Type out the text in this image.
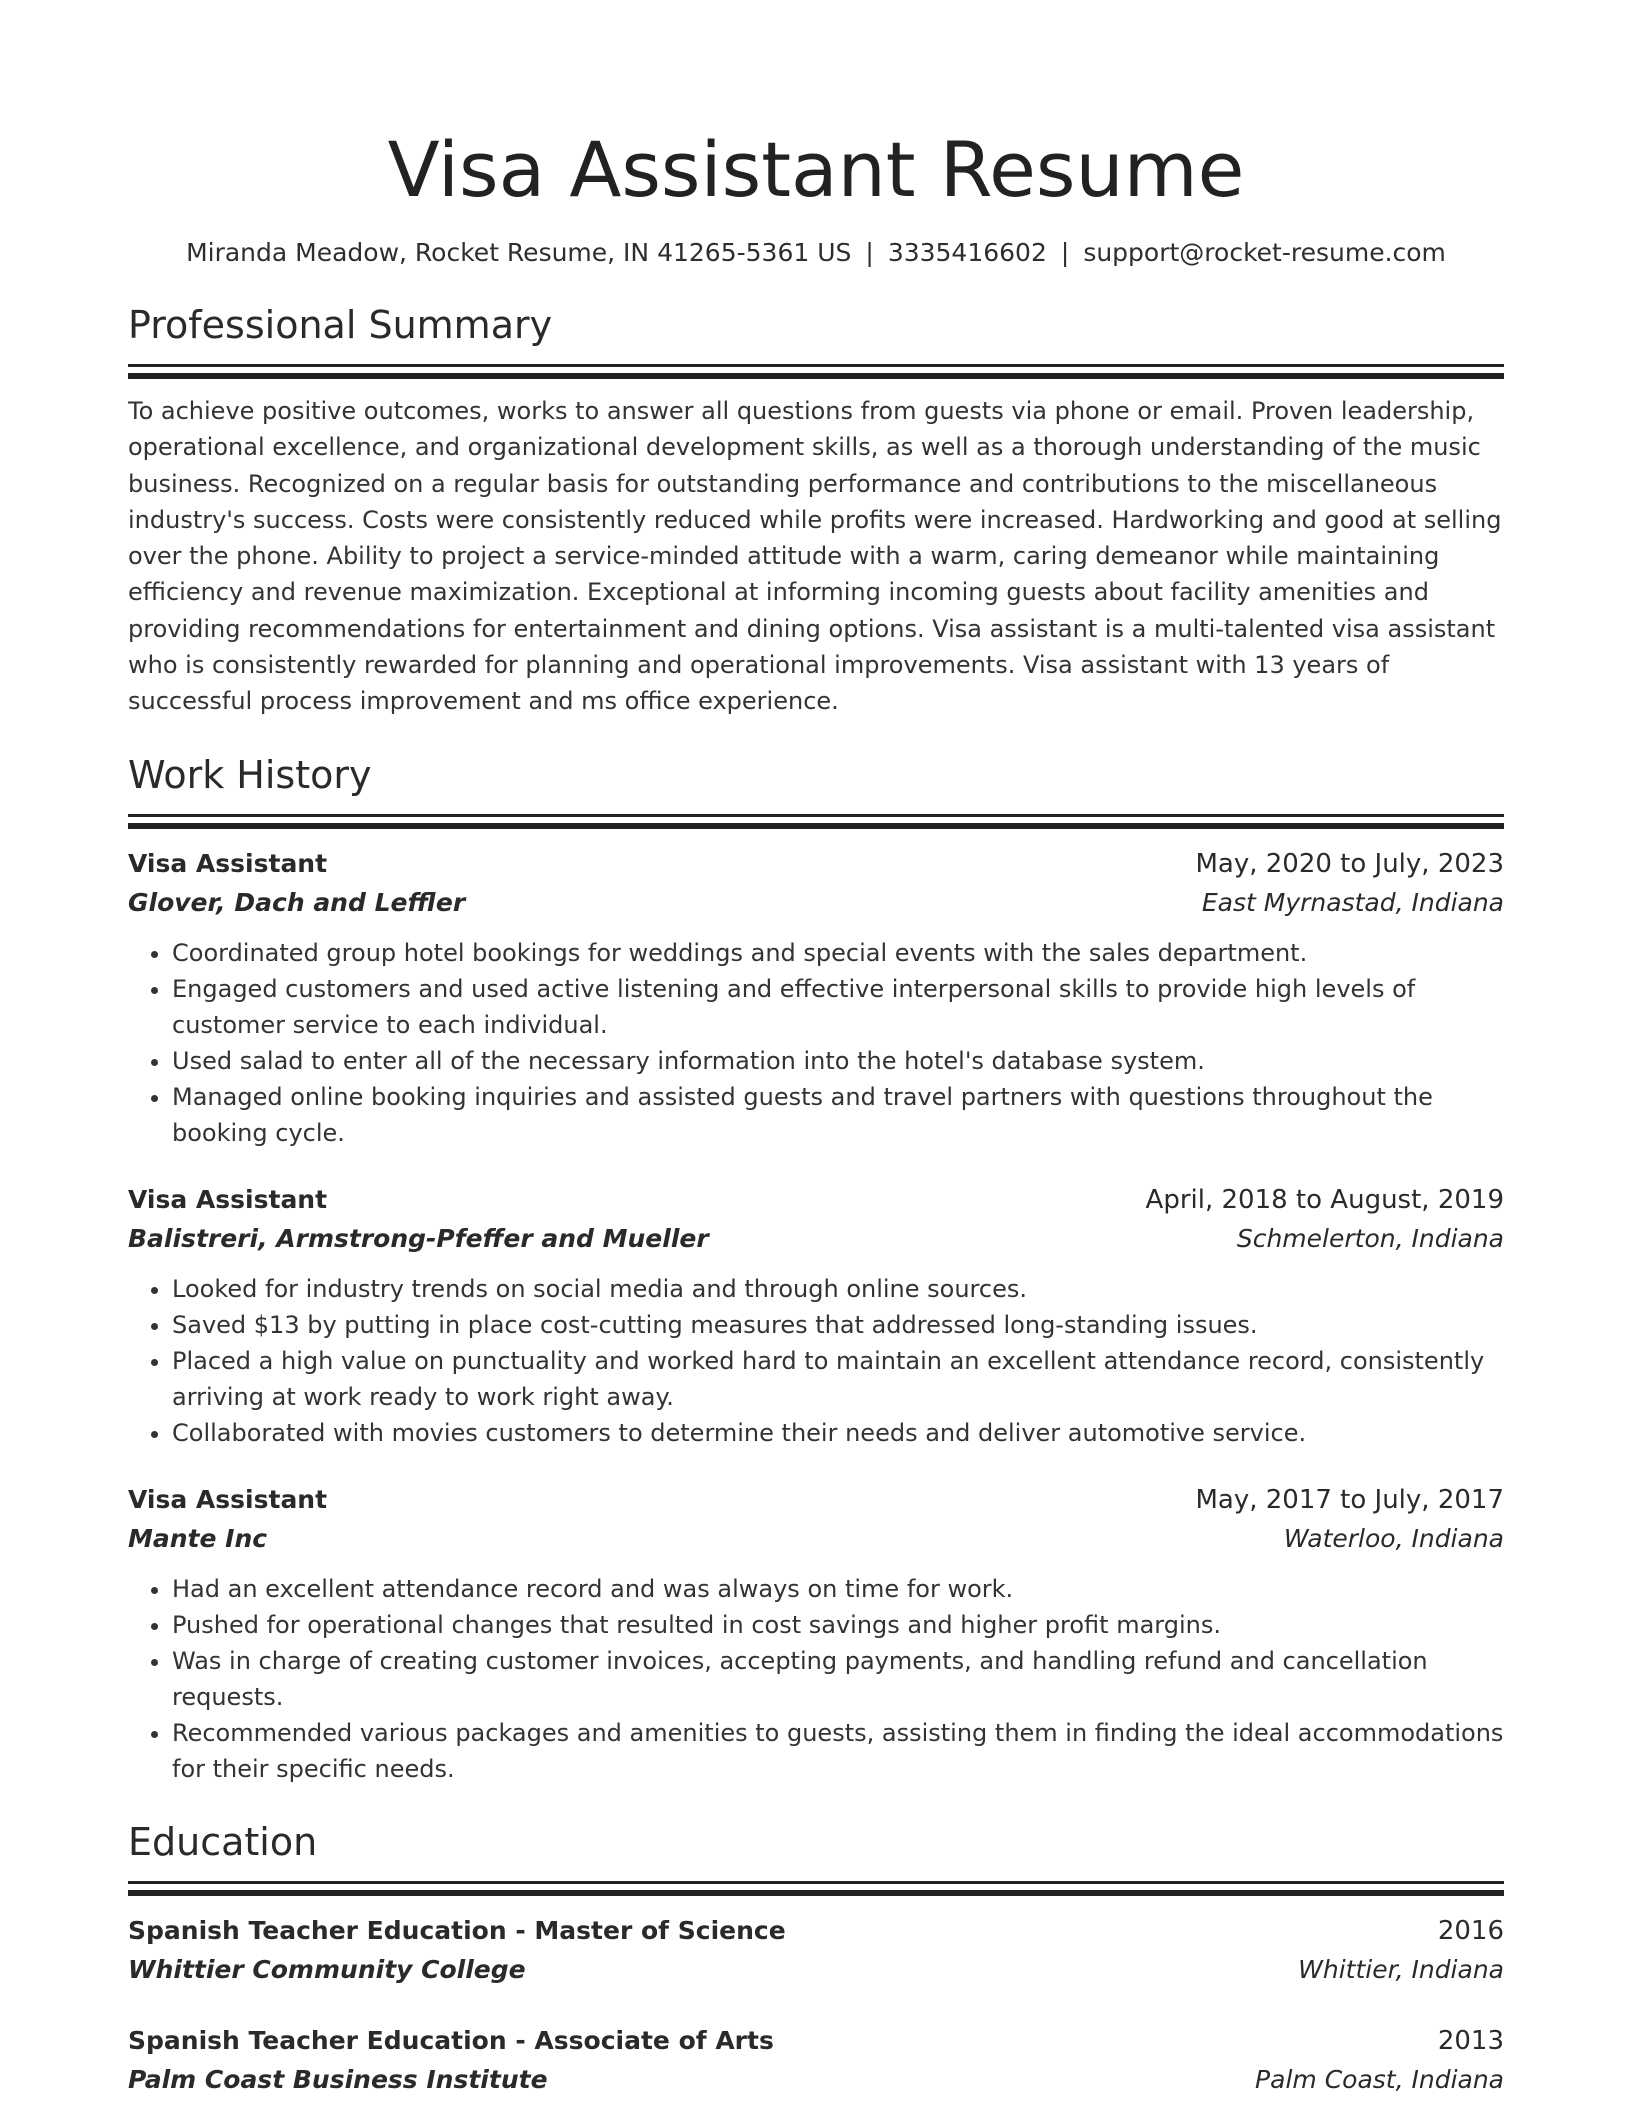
Visa Assistant Resume
Miranda Meadow, Rocket Resume, IN 41265-5361 US | 3335416602 | support@rocket-resume.com
Professional Summary
To achieve positive outcomes, works to answer all questions from guests via phone or email. Proven leadership, operational excellence, and organizational development skills, as well as a thorough understanding of the music business. Recognized on a regular basis for outstanding performance and contributions to the miscellaneous industry's success. Costs were consistently reduced while profits were increased. Hardworking and good at selling over the phone. Ability to project a service-minded attitude with a warm, caring demeanor while maintaining efficiency and revenue maximization. Exceptional at informing incoming guests about facility amenities and providing recommendations for entertainment and dining options. Visa assistant is a multi-talented visa assistant who is consistently rewarded for planning and operational improvements. Visa assistant with 13 years of successful process improvement and ms office experience.
Work History
Visa Assistant	May, 2020 to July, 2023
Glover, Dach and Leffler	East Myrnastad, Indiana
• Coordinated group hotel bookings for weddings and special events with the sales department.
• Engaged customers and used active listening and effective interpersonal skills to provide high levels of customer service to each individual.
• Used salad to enter all of the necessary information into the hotel's database system.
• Managed online booking inquiries and assisted guests and travel partners with questions throughout the booking cycle.
Visa Assistant	April, 2018 to August, 2019
Balistreri, Armstrong-Pfeffer and Mueller	Schmelerton, Indiana
• Looked for industry trends on social media and through online sources.
• Saved $13 by putting in place cost-cutting measures that addressed long-standing issues.
• Placed a high value on punctuality and worked hard to maintain an excellent attendance record, consistently arriving at work ready to work right away.
• Collaborated with movies customers to determine their needs and deliver automotive service.
Visa Assistant	May, 2017 to July, 2017
Mante Inc	Waterloo, Indiana
• Had an excellent attendance record and was always on time for work.
• Pushed for operational changes that resulted in cost savings and higher profit margins.
• Was in charge of creating customer invoices, accepting payments, and handling refund and cancellation requests.
• Recommended various packages and amenities to guests, assisting them in finding the ideal accommodations for their specific needs.
Education
Spanish Teacher Education - Master of Science	2016
Whittier Community College	Whittier, Indiana
Spanish Teacher Education - Associate of Arts	2013
Palm Coast Business Institute	Palm Coast, Indiana
